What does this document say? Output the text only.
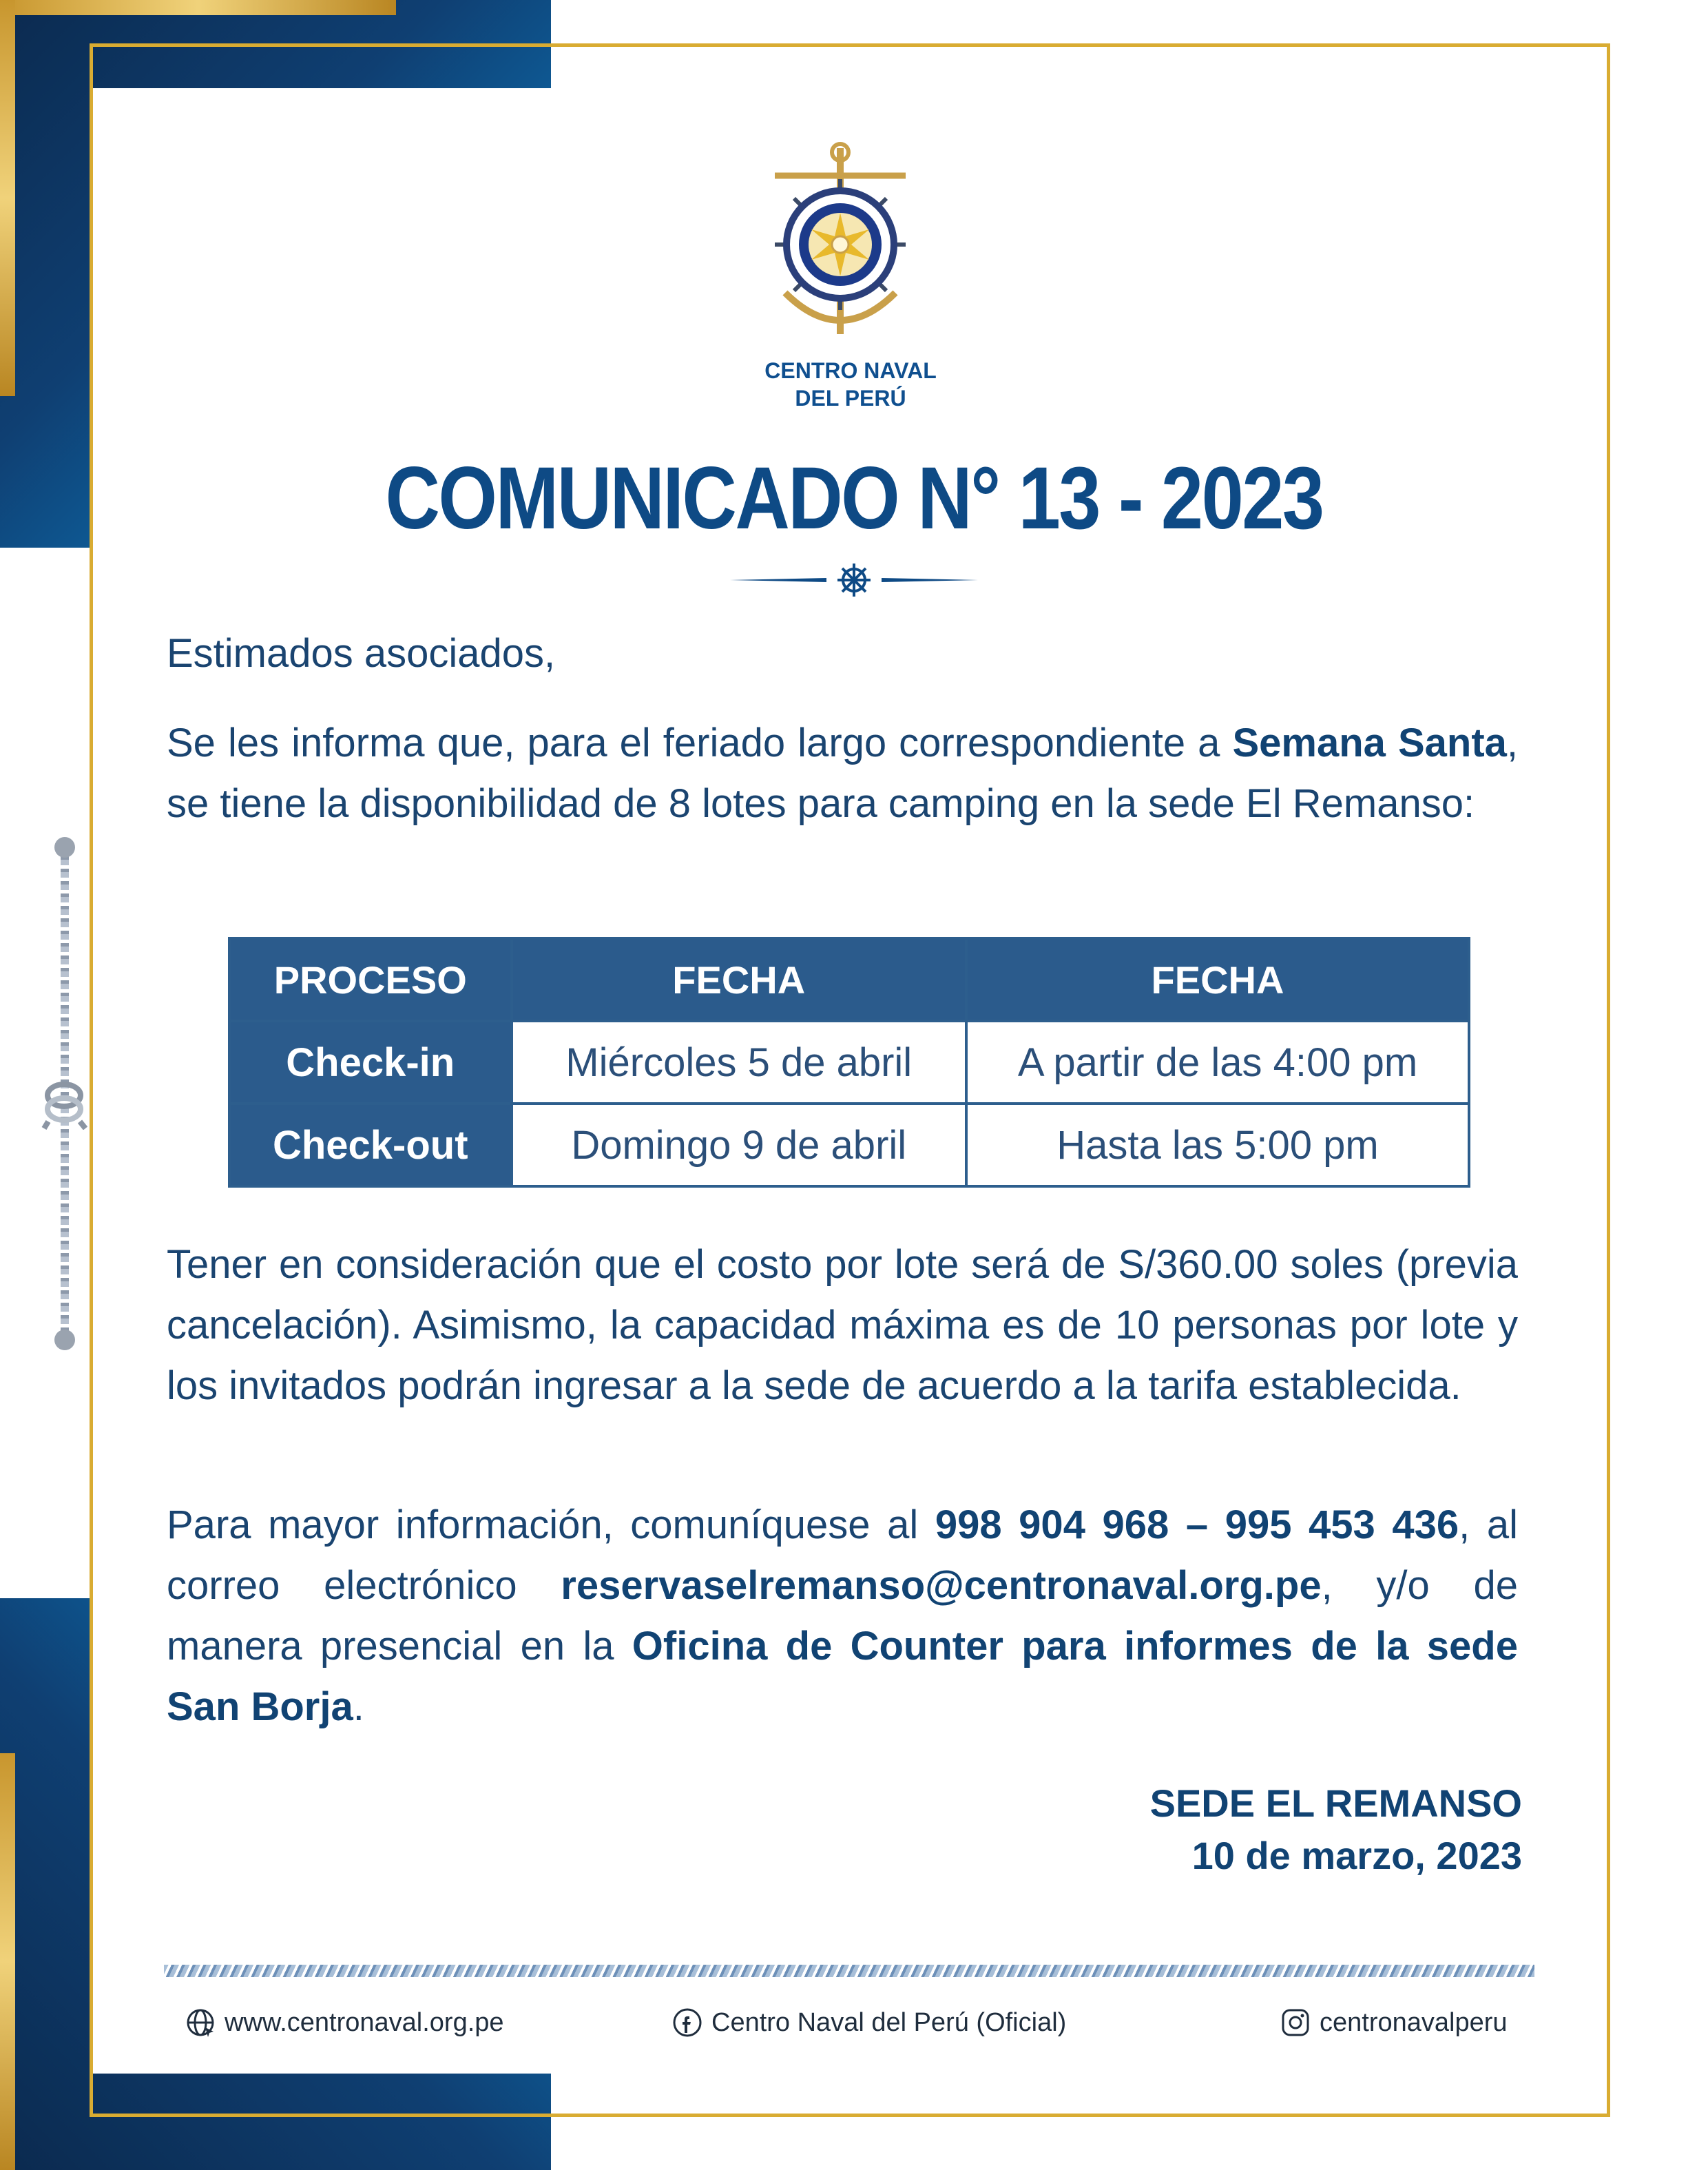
CENTRO NAVAL
DEL PERÚ
COMUNICADO N° 13 - 2023
Estimados asociados,
Se les informa que, para el feriado largo correspondiente a Semana Santa, se tiene la disponibilidad de 8 lotes para camping en la sede El Remanso:
PROCESO	FECHA	FECHA
Check-in	Miércoles 5 de abril	A partir de las 4:00 pm
Check-out	Domingo 9 de abril	Hasta las 5:00 pm
Tener en consideración que el costo por lote será de S/360.00 soles (previa cancelación). Asimismo, la capacidad máxima es de 10 personas por lote y los invitados podrán ingresar a la sede de acuerdo a la tarifa establecida.
Para mayor información, comuníquese al 998 904 968 – 995 453 436, al correo electrónico reservaselremanso@centronaval.org.pe, y/o de manera presencial en la Oficina de Counter para informes de la sede San Borja.
SEDE EL REMANSO
10 de marzo, 2023
www.centronaval.org.pe	Centro Naval del Perú (Oficial)	centronavalperu
